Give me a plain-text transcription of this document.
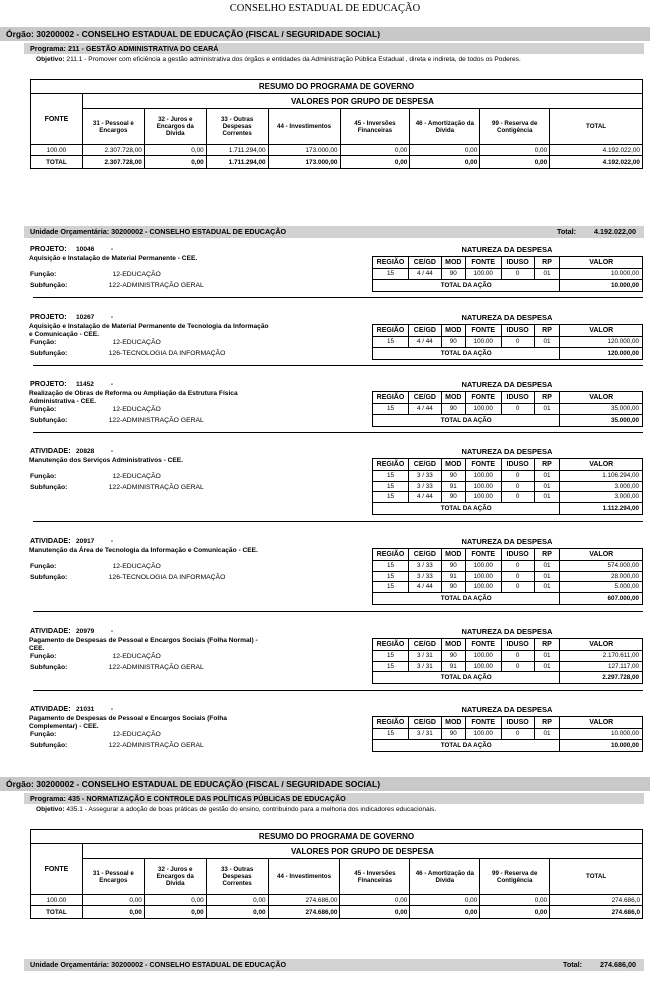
CONSELHO ESTADUAL DE EDUCAÇÃO
Órgão: 30200002 - CONSELHO ESTADUAL DE EDUCAÇÃO (FISCAL / SEGURIDADE SOCIAL)
Programa: 211 - GESTÃO ADMINISTRATIVA DO CEARÁ
Objetivo: 211.1 - Promover com eficiência a gestão administrativa dos órgãos e entidades da Administração Pública Estadual , direta e indireta, de todos os Poderes.
RESUMO DO PROGRAMA DE GOVERNO								
FONTE	VALORES POR GRUPO DE DESPESA							
	31 - Pessoal e Encargos	32 - Juros e Encargos da Dívida	33 - Outras Despesas Correntes	44 - Investimentos	45 - Inversões Financeiras	46 - Amortização da Dívida	99 - Reserva de Contigência	TOTAL
100.00	2.307.728,00	0,00	1.711.294,00	173.000,00	0,00	0,00	0,00	4.192.022,00
TOTAL	2.307.728,00	0,00	1.711.294,00	173.000,00	0,00	0,00	0,00	4.192.022,00
Unidade Orçamentária: 30200002 - CONSELHO ESTADUAL DE EDUCAÇÃO	Total:	4.192.022,00
PROJETO: 10046 - Aquisição e Instalação de Material Permanente - CEE.
NATUREZA DA DESPESA
REGIÃO	CE/GD	MOD	FONTE	IDUSO	RP	VALOR
15	4 / 44	90	100.00	0	01	10.000,00
TOTAL DA AÇÃO						10.000,00
Função:	12-EDUCAÇÃO
Subfunção:	122-ADMINISTRAÇÃO GERAL
PROJETO: 10267 - Aquisição e Instalação de Material Permanente de Tecnologia da Informação e Comunicação - CEE.
NATUREZA DA DESPESA
REGIÃO	CE/GD	MOD	FONTE	IDUSO	RP	VALOR
15	4 / 44	90	100.00	0	01	120.000,00
TOTAL DA AÇÃO						120.000,00
Função:	12-EDUCAÇÃO
Subfunção:	126-TECNOLOGIA DA INFORMAÇÃO
PROJETO: 11452 - Realização de Obras de Reforma ou Ampliação da Estrutura Física Administrativa - CEE.
NATUREZA DA DESPESA
REGIÃO	CE/GD	MOD	FONTE	IDUSO	RP	VALOR
15	4 / 44	90	100.00	0	01	35.000,00
TOTAL DA AÇÃO						35.000,00
Função:	12-EDUCAÇÃO
Subfunção:	122-ADMINISTRAÇÃO GERAL
ATIVIDADE: 20828 - Manutenção dos Serviços Administrativos - CEE.
NATUREZA DA DESPESA
REGIÃO	CE/GD	MOD	FONTE	IDUSO	RP	VALOR
15	3 / 33	90	100.00	0	01	1.106.294,00
15	3 / 33	91	100.00	0	01	3.000,00
15	4 / 44	90	100.00	0	01	3.000,00
TOTAL DA AÇÃO						1.112.294,00
Função:	12-EDUCAÇÃO
Subfunção:	122-ADMINISTRAÇÃO GERAL
ATIVIDADE: 20917 - Manutenção da Área de Tecnologia da Informação e Comunicação - CEE.
NATUREZA DA DESPESA
REGIÃO	CE/GD	MOD	FONTE	IDUSO	RP	VALOR
15	3 / 33	90	100.00	0	01	574.000,00
15	3 / 33	91	100.00	0	01	28.000,00
15	4 / 44	90	100.00	0	01	5.000,00
TOTAL DA AÇÃO						607.000,00
Função:	12-EDUCAÇÃO
Subfunção:	126-TECNOLOGIA DA INFORMAÇÃO
ATIVIDADE: 20979 - Pagamento de Despesas de Pessoal e Encargos Sociais (Folha Normal) - CEE.
NATUREZA DA DESPESA
REGIÃO	CE/GD	MOD	FONTE	IDUSO	RP	VALOR
15	3 / 31	90	100.00	0	01	2.170.611,00
15	3 / 31	91	100.00	0	01	127.117,00
TOTAL DA AÇÃO						2.297.728,00
Função:	12-EDUCAÇÃO
Subfunção:	122-ADMINISTRAÇÃO GERAL
ATIVIDADE: 21031 - Pagamento de Despesas de Pessoal e Encargos Sociais (Folha Complementar) - CEE.
NATUREZA DA DESPESA
REGIÃO	CE/GD	MOD	FONTE	IDUSO	RP	VALOR
15	3 / 31	90	100.00	0	01	10.000,00
TOTAL DA AÇÃO						10.000,00
Função:	12-EDUCAÇÃO
Subfunção:	122-ADMINISTRAÇÃO GERAL
Órgão: 30200002 - CONSELHO ESTADUAL DE EDUCAÇÃO (FISCAL / SEGURIDADE SOCIAL)
Programa: 435 - NORMATIZAÇÃO E CONTROLE DAS POLÍTICAS PÚBLICAS DE EDUCAÇÃO
Objetivo: 435.1 - Assegurar a adoção de boas práticas de gestão do ensino, contribuindo para a melhoria dos indicadores educacionais.
RESUMO DO PROGRAMA DE GOVERNO								
FONTE	VALORES POR GRUPO DE DESPESA							
	31 - Pessoal e Encargos	32 - Juros e Encargos da Dívida	33 - Outras Despesas Correntes	44 - Investimentos	45 - Inversões Financeiras	46 - Amortização da Dívida	99 - Reserva de Contigência	TOTAL
100.00	0,00	0,00	0,00	274.686,00	0,00	0,00	0,00	274.686,0
TOTAL	0,00	0,00	0,00	274.686,00	0,00	0,00	0,00	274.686,0
Unidade Orçamentária: 30200002 - CONSELHO ESTADUAL DE EDUCAÇÃO	Total:	274.686,00
